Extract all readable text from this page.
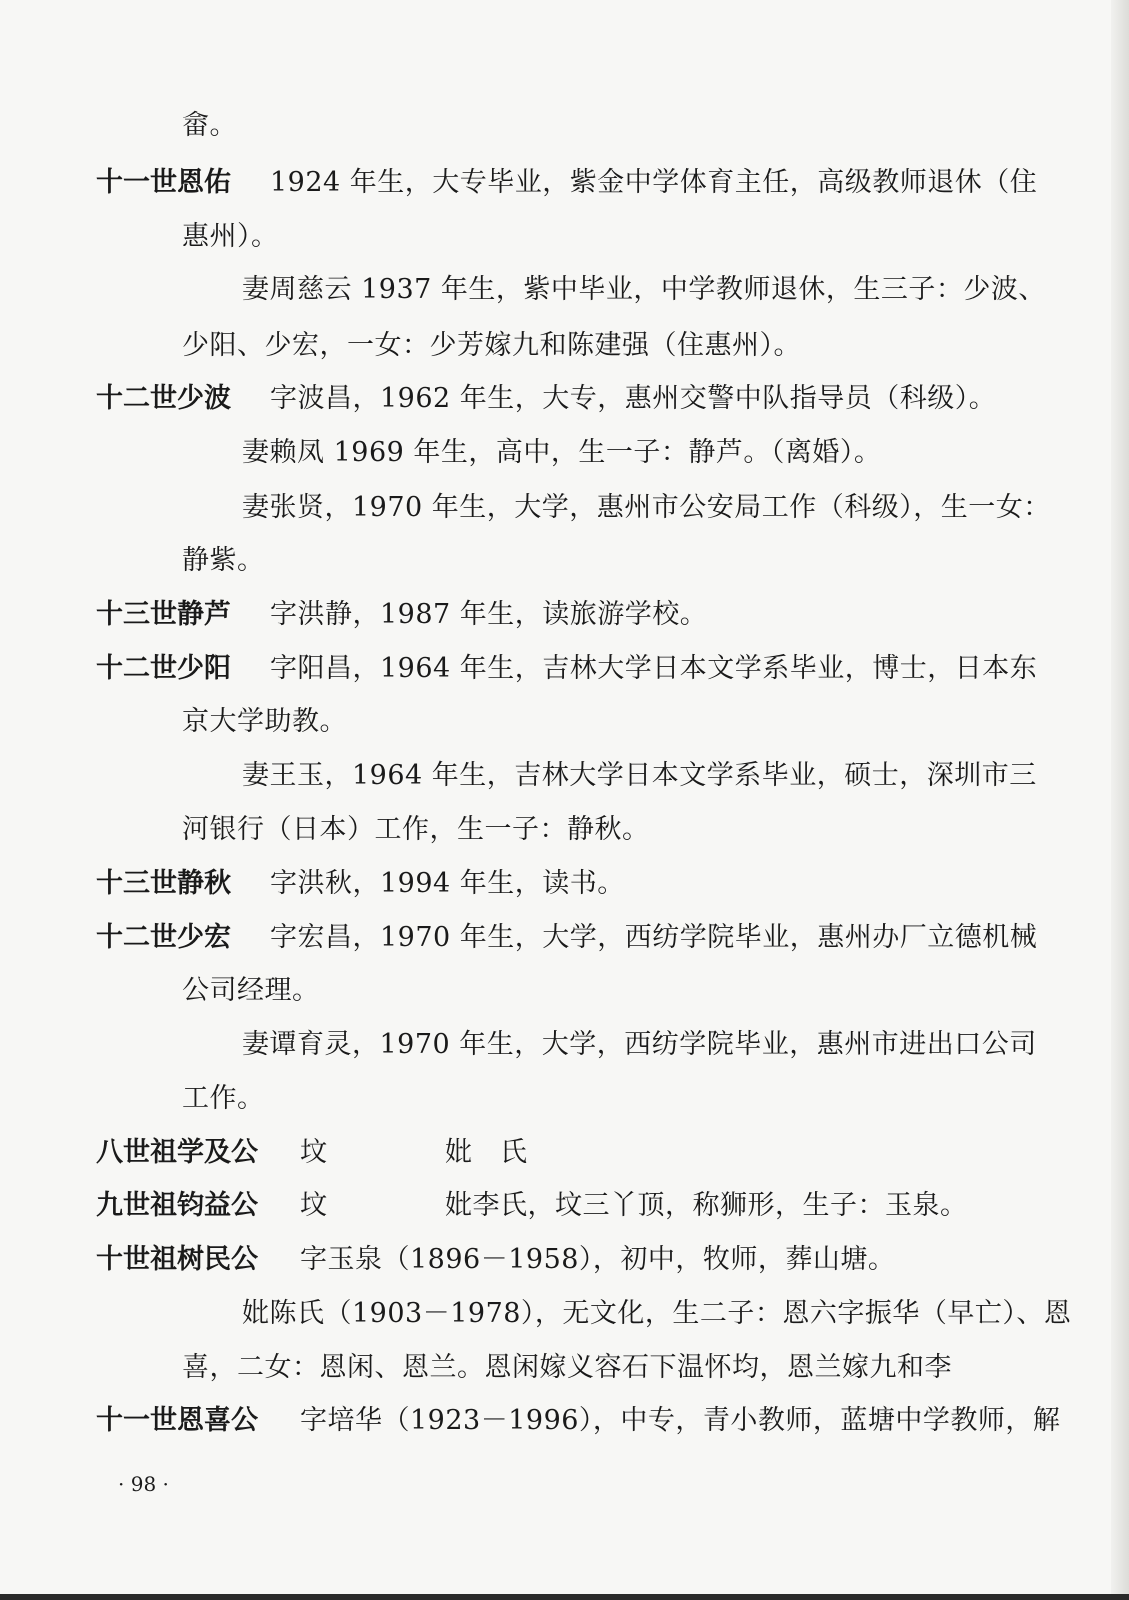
畲。
十一世恩佑 1924 年生，大专毕业，紫金中学体育主任，高级教师退休（住
惠州）。
妻周慈云 1937 年生，紫中毕业，中学教师退休，生三子：少波、
少阳、少宏，一女：少芳嫁九和陈建强（住惠州）。
十二世少波 字波昌，1962 年生，大专，惠州交警中队指导员（科级）。
妻赖凤 1969 年生，高中，生一子：静芦。（离婚）。
妻张贤，1970 年生，大学，惠州市公安局工作（科级），生一女：
静紫。
十三世静芦 字洪静，1987 年生，读旅游学校。
十二世少阳 字阳昌，1964 年生，吉林大学日本文学系毕业，博士，日本东
京大学助教。
妻王玉，1964 年生，吉林大学日本文学系毕业，硕士，深圳市三
河银行（日本）工作，生一子：静秋。
十三世静秋 字洪秋，1994 年生，读书。
十二世少宏 字宏昌，1970 年生，大学，西纺学院毕业，惠州办厂立德机械
公司经理。
妻谭育灵，1970 年生，大学，西纺学院毕业，惠州市进出口公司
工作。
八世祖学及公 坟	妣　氏
九世祖钧益公 坟	妣李氏，坟三丫顶，称狮形，生子：玉泉。
十世祖树民公 字玉泉（1896－1958），初中，牧师，葬山塘。
妣陈氏（1903－1978），无文化，生二子：恩六字振华（早亡）、恩
喜，二女：恩闲、恩兰。恩闲嫁义容石下温怀均，恩兰嫁九和李
十一世恩喜公 字培华（1923－1996），中专，青小教师，蓝塘中学教师，解
· 98 ·
